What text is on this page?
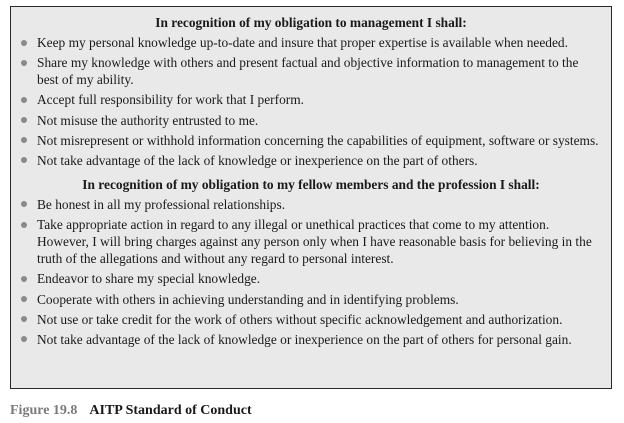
In recognition of my obligation to management I shall:
Keep my personal knowledge up-to-date and insure that proper expertise is available when needed.
Share my knowledge with others and present factual and objective information to management to the best of my ability.
Accept full responsibility for work that I perform.
Not misuse the authority entrusted to me.
Not misrepresent or withhold information concerning the capabilities of equipment, software or systems.
Not take advantage of the lack of knowledge or inexperience on the part of others.
In recognition of my obligation to my fellow members and the profession I shall:
Be honest in all my professional relationships.
Take appropriate action in regard to any illegal or unethical practices that come to my attention. However, I will bring charges against any person only when I have reasonable basis for believing in the truth of the allegations and without any regard to personal interest.
Endeavor to share my special knowledge.
Cooperate with others in achieving understanding and in identifying problems.
Not use or take credit for the work of others without specific acknowledgement and authorization.
Not take advantage of the lack of knowledge or inexperience on the part of others for personal gain.
Figure 19.8 AITP Standard of Conduct
